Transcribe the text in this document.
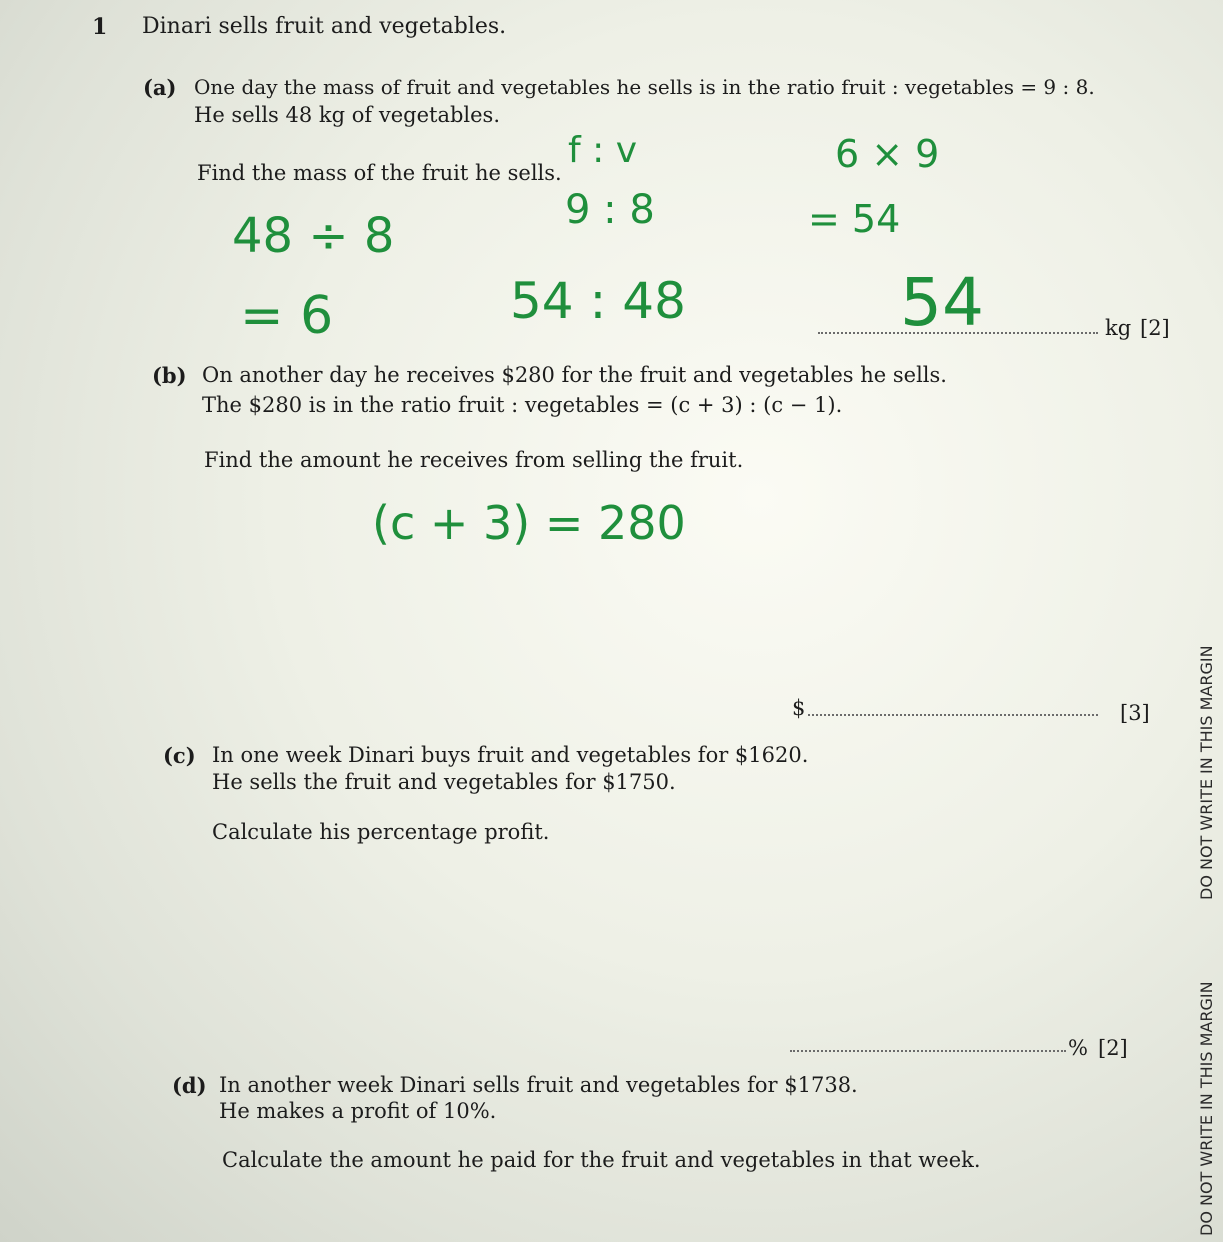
1 Dinari sells fruit and vegetables.
(a) One day the mass of fruit and vegetables he sells is in the ratio fruit : vegetables = 9 : 8.
He sells 48 kg of vegetables.
Find the mass of the fruit he sells.
f : v	6 × 9
9 : 8	= 54
48 ÷ 8
= 6	54 : 48	54	kg [2]
(b) On another day he receives $280 for the fruit and vegetables he sells.
The $280 is in the ratio fruit : vegetables = (c + 3) : (c − 1).
Find the amount he receives from selling the fruit.
(c + 3) = 280
$	[3]
(c) In one week Dinari buys fruit and vegetables for $1620.
He sells the fruit and vegetables for $1750.
Calculate his percentage profit.
% [2]
(d) In another week Dinari sells fruit and vegetables for $1738.
He makes a profit of 10%.
Calculate the amount he paid for the fruit and vegetables in that week.
DO NOT WRITE IN THIS MARGIN
DO NOT WRITE IN THIS MARGIN
